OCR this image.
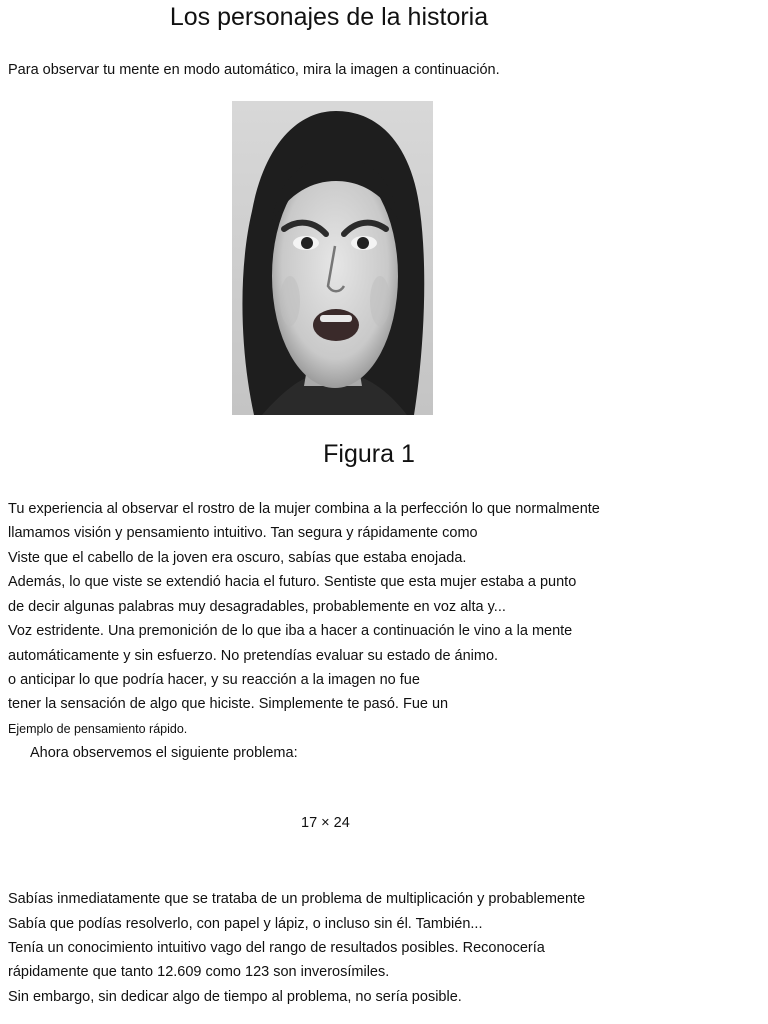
Los personajes de la historia
Para observar tu mente en modo automático, mira la imagen a continuación.
Figura 1
Tu experiencia al observar el rostro de la mujer combina a la perfección lo que normalmente
llamamos visión y pensamiento intuitivo. Tan segura y rápidamente como
Viste que el cabello de la joven era oscuro, sabías que estaba enojada.
Además, lo que viste se extendió hacia el futuro. Sentiste que esta mujer estaba a punto
de decir algunas palabras muy desagradables, probablemente en voz alta y...
Voz estridente. Una premonición de lo que iba a hacer a continuación le vino a la mente
automáticamente y sin esfuerzo. No pretendías evaluar su estado de ánimo.
o anticipar lo que podría hacer, y su reacción a la imagen no fue
tener la sensación de algo que hiciste. Simplemente te pasó. Fue un
Ejemplo de pensamiento rápido.
Ahora observemos el siguiente problema:
17 × 24
Sabías inmediatamente que se trataba de un problema de multiplicación y probablemente
Sabía que podías resolverlo, con papel y lápiz, o incluso sin él. También...
Tenía un conocimiento intuitivo vago del rango de resultados posibles. Reconocería
rápidamente que tanto 12.609 como 123 son inverosímiles.
Sin embargo, sin dedicar algo de tiempo al problema, no sería posible.
